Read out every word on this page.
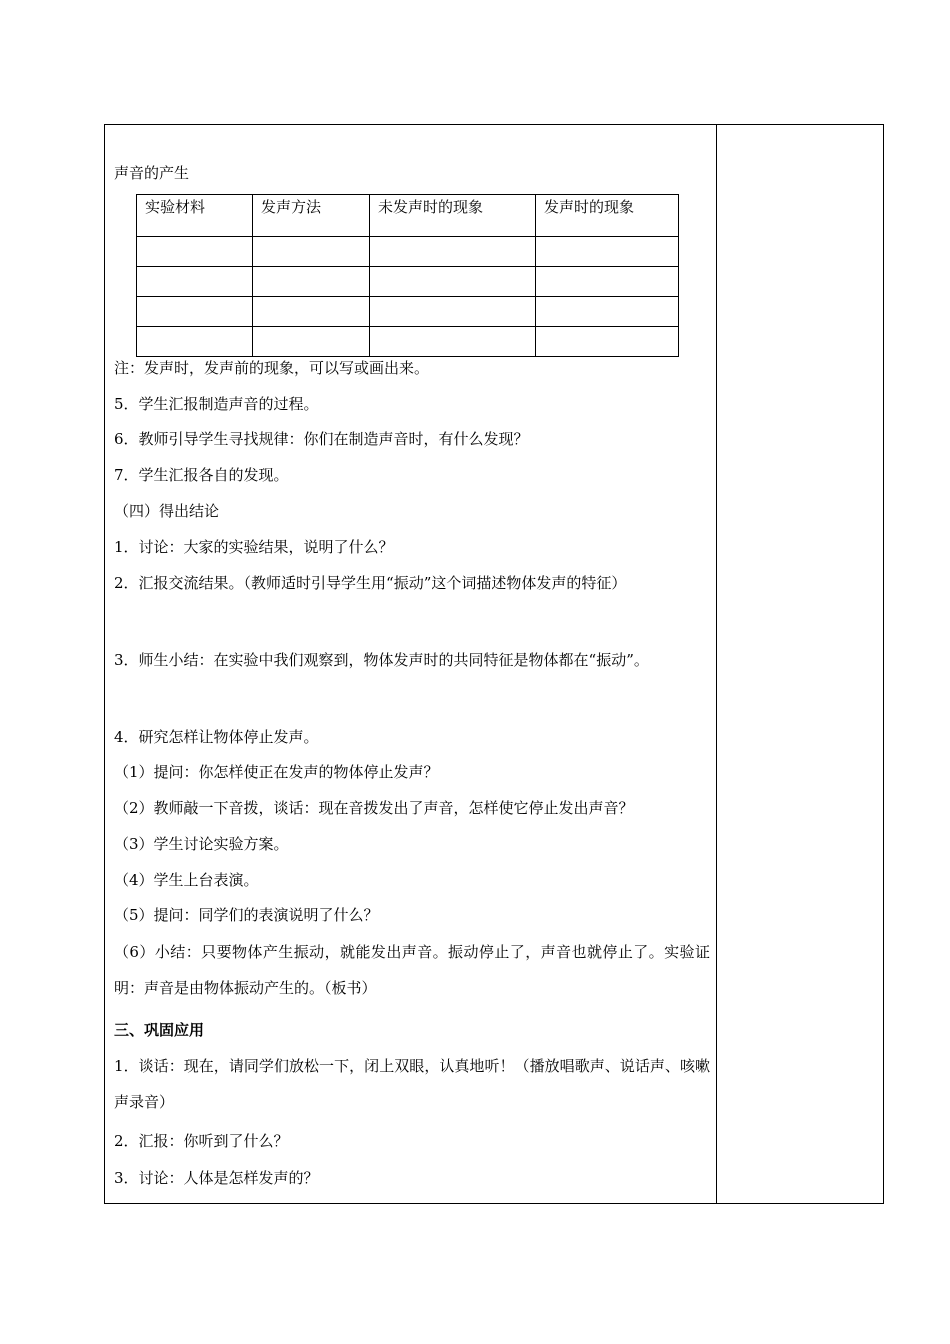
声音的产生
实验材料	发声方法	未发声时的现象	发声时的现象

注：发声时，发声前的现象，可以写或画出来。
5．学生汇报制造声音的过程。
6．教师引导学生寻找规律：你们在制造声音时，有什么发现？
7．学生汇报各自的发现。
（四）得出结论
1．讨论：大家的实验结果，说明了什么？
2．汇报交流结果。（教师适时引导学生用“振动”这个词描述物体发声的特征）
3．师生小结：在实验中我们观察到，物体发声时的共同特征是物体都在“振动”。
4．研究怎样让物体停止发声。
（1）提问：你怎样使正在发声的物体停止发声？
（2）教师敲一下音拨，谈话：现在音拨发出了声音，怎样使它停止发出声音？
（3）学生讨论实验方案。
（4）学生上台表演。
（5）提问：同学们的表演说明了什么？
（6）小结：只要物体产生振动，就能发出声音。振动停止了，声音也就停止了。实验证明：声音是由物体振动产生的。（板书）
三、巩固应用
1．谈话：现在，请同学们放松一下，闭上双眼，认真地听！（播放唱歌声、说话声、咳嗽声录音）
2．汇报：你听到了什么？
3．讨论：人体是怎样发声的？
